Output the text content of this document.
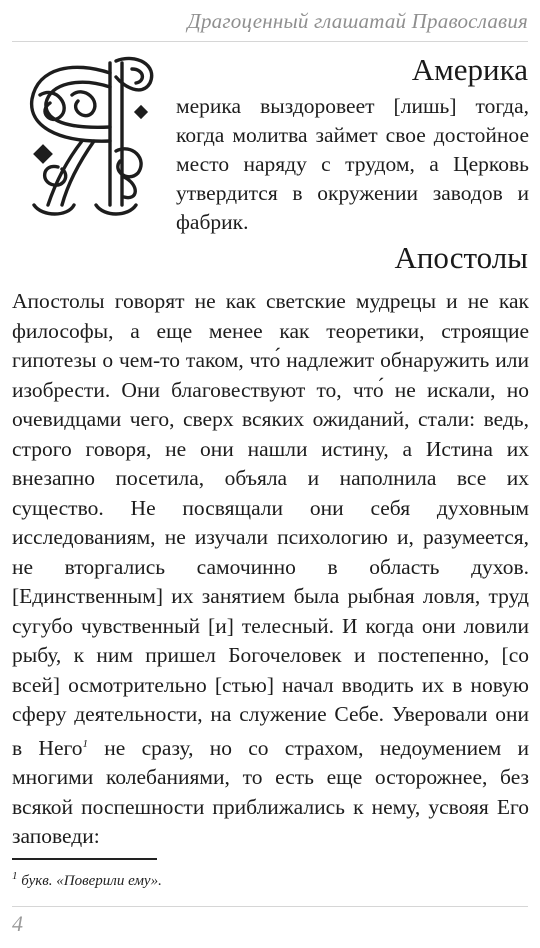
Драгоценный глашатай Православия
Америка

мерика выздоровеет [лишь] тогда, когда молитва займет свое достойное место наряду с трудом, а Церковь утвердится в окружении заводов и фабрик.

Апостолы

Апостолы говорят не как светские мудрецы и не как философы, а еще менее как теоретики, строящие гипотезы о чем-то таком, что́ надлежит обнаружить или изобрести. Они благовествуют то, что́ не искали, но очевидцами чего, сверх всяких ожиданий, стали: ведь, строго говоря, не они нашли истину, а Истина их внезапно посетила, объяла и наполнила все их существо. Не посвящали они себя духовным исследованиям, не изучали психологию и, разумеется, не вторгались самочинно в область духов. [Единственным] их занятием была рыбная ловля, труд сугубо чувственный [и] телесный. И когда они ловили рыбу, к ним пришел Богочеловек и постепенно, [со всей] осмотрительно [стью] начал вводить их в новую сферу деятельности, на служение Себе. Уверовали они в Него$^1$ не сразу, но со страхом, недоумением и многими колебаниями, то есть еще осторожнее, без всякой поспешности приближались к нему, усвояя Его заповеди:

$^1$ букв. «Поверили ему».
4
